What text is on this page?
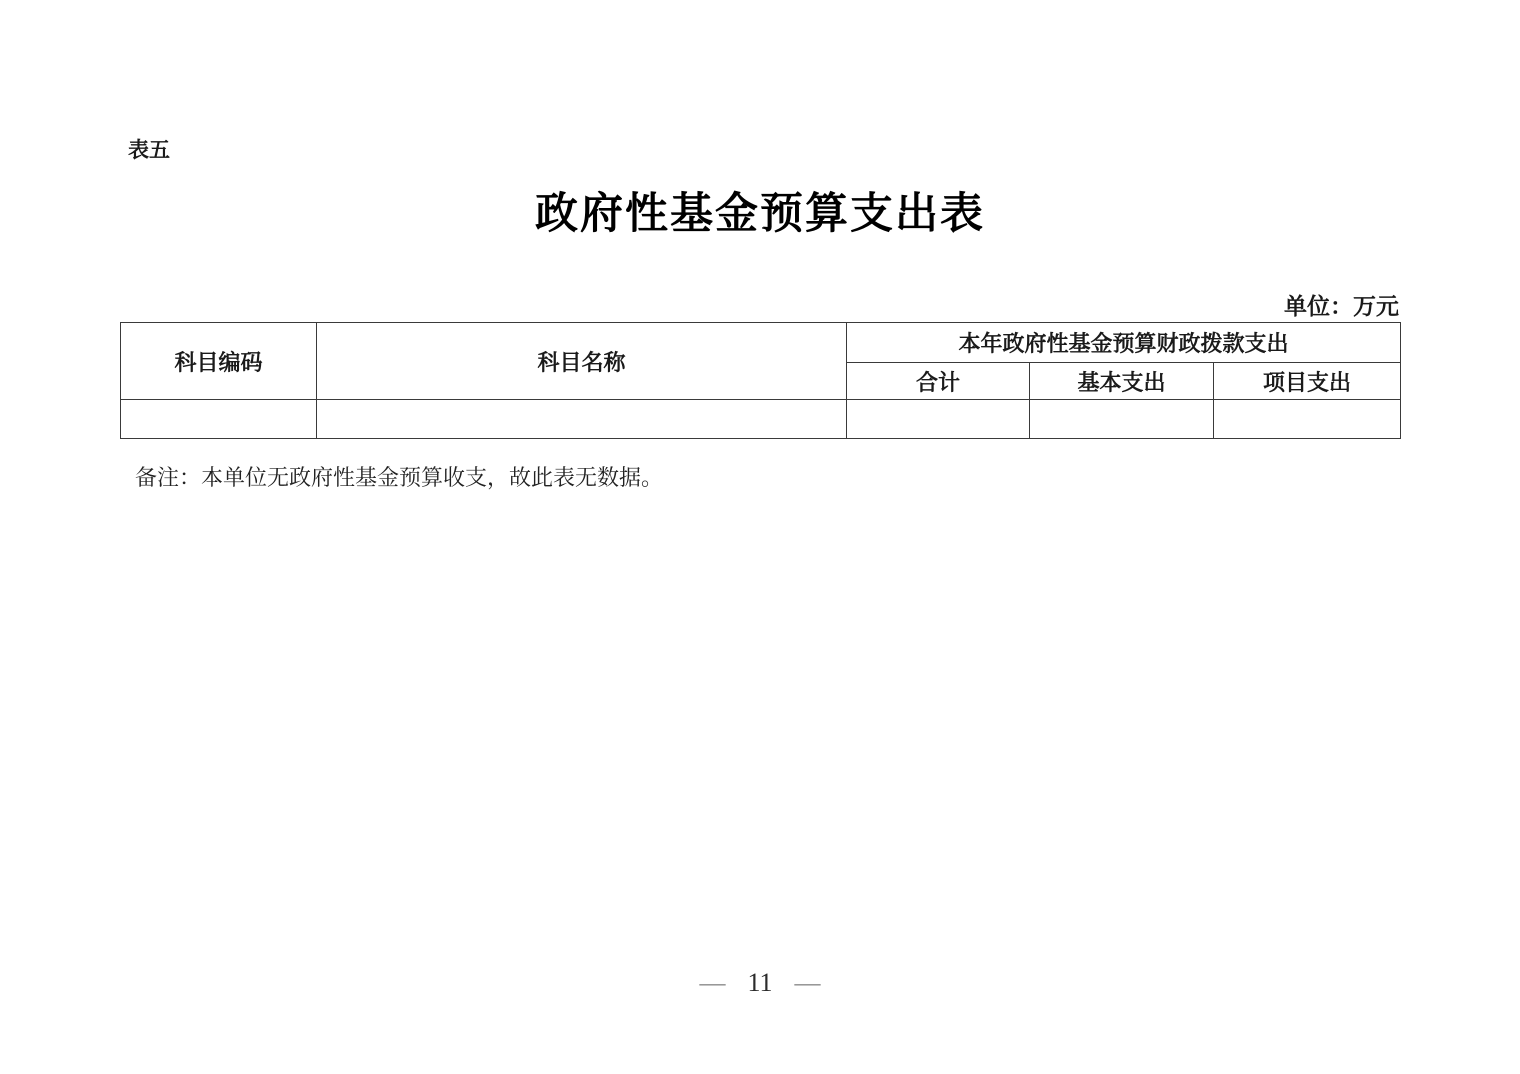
表五
政府性基金预算支出表
单位：万元
科目编码	科目名称	本年政府性基金预算财政拨款支出		
		合计	基本支出	项目支出

备注：本单位无政府性基金预算收支，故此表无数据。
— 11 —
